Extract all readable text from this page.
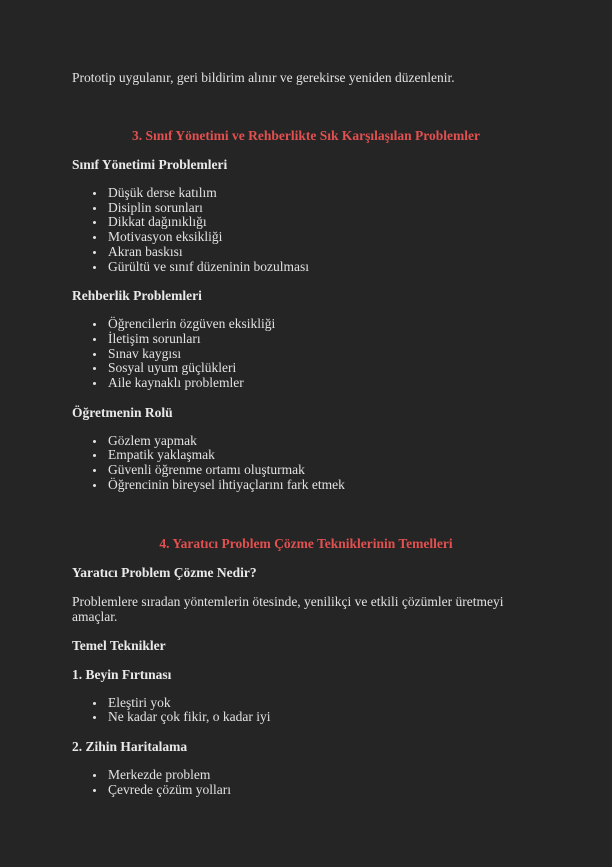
Prototip uygulanır, geri bildirim alınır ve gerekirse yeniden düzenlenir.

3. Sınıf Yönetimi ve Rehberlikte Sık Karşılaşılan Problemler
Sınıf Yönetimi Problemleri
• Düşük derse katılım
• Disiplin sorunları
• Dikkat dağınıklığı
• Motivasyon eksikliği
• Akran baskısı
• Gürültü ve sınıf düzeninin bozulması
Rehberlik Problemleri
• Öğrencilerin özgüven eksikliği
• İletişim sorunları
• Sınav kaygısı
• Sosyal uyum güçlükleri
• Aile kaynaklı problemler
Öğretmenin Rolü
• Gözlem yapmak
• Empatik yaklaşmak
• Güvenli öğrenme ortamı oluşturmak
• Öğrencinin bireysel ihtiyaçlarını fark etmek
4. Yaratıcı Problem Çözme Tekniklerinin Temelleri
Yaratıcı Problem Çözme Nedir?

Problemlere sıradan yöntemlerin ötesinde, yenilikçi ve etkili çözümler üretmeyi amaçlar.

Temel Teknikler
1. Beyin Fırtınası
• Eleştiri yok
• Ne kadar çok fikir, o kadar iyi
2. Zihin Haritalama
• Merkezde problem
• Çevrede çözüm yolları
